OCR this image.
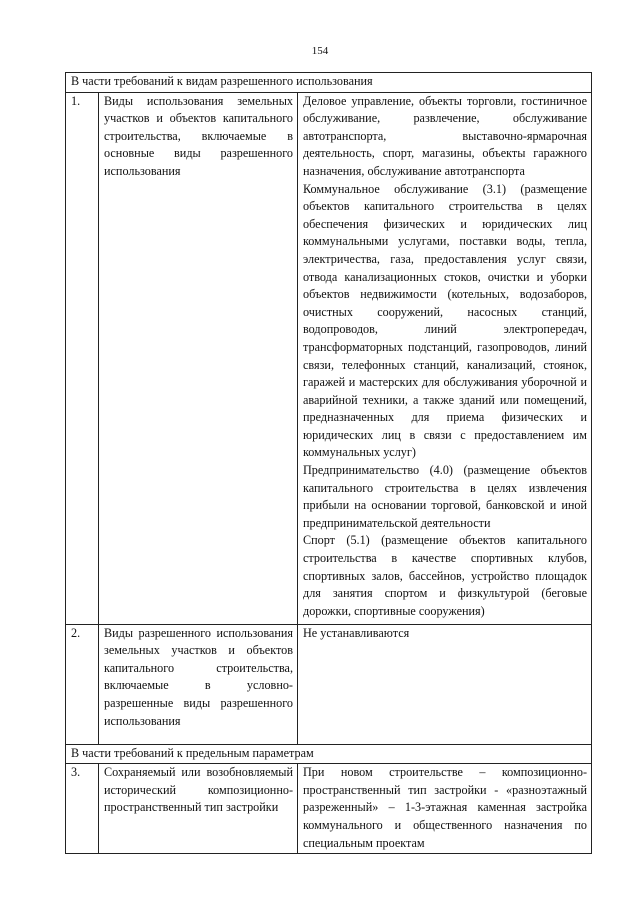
154
В части требований к видам разрешенного использования		
1.	Виды использования земельных участков и объектов капитального строительства, включаемые в основные виды разрешенного использования	Деловое управление, объекты торговли, гостиничное обслуживание, развлечение, обслуживание автотранспорта, выставочно-ярмарочная деятельность, спорт, магазины, объекты гаражного назначения, обслуживание автотранспорта

Коммунальное обслуживание (3.1) (размещение объектов капитального строительства в целях обеспечения физических и юридических лиц коммунальными услугами, поставки воды, тепла, электричества, газа, предоставления услуг связи, отвода канализационных стоков, очистки и уборки объектов недвижимости (котельных, водозаборов, очистных сооружений, насосных станций, водопроводов, линий электропередач, трансформаторных подстанций, газопроводов, линий связи, телефонных станций, канализаций, стоянок, гаражей и мастерских для обслуживания уборочной и аварийной техники, а также зданий или помещений, предназначенных для приема физических и юридических лиц в связи с предоставлением им коммунальных услуг)

Предпринимательство (4.0) (размещение объектов капитального строительства в целях извлечения прибыли на основании торговой, банковской и иной предпринимательской деятельности

Спорт (5.1) (размещение объектов капитального строительства в качестве спортивных клубов, спортивных залов, бассейнов, устройство площадок для занятия спортом и физкультурой (беговые дорожки, спортивные сооружения)

2.	Виды разрешенного использования земельных участков и объектов капитального строительства, включаемые в условно-разрешенные виды разрешенного использования	Не устанавливаются

В части требований к предельным параметрам		
3.	Сохраняемый или возобновляемый исторический композиционно-пространственный тип застройки	При новом строительстве – композиционно-пространственный тип застройки - «разноэтажный разреженный» – 1-3-этажная каменная застройка коммунального и общественного назначения по специальным проектам
